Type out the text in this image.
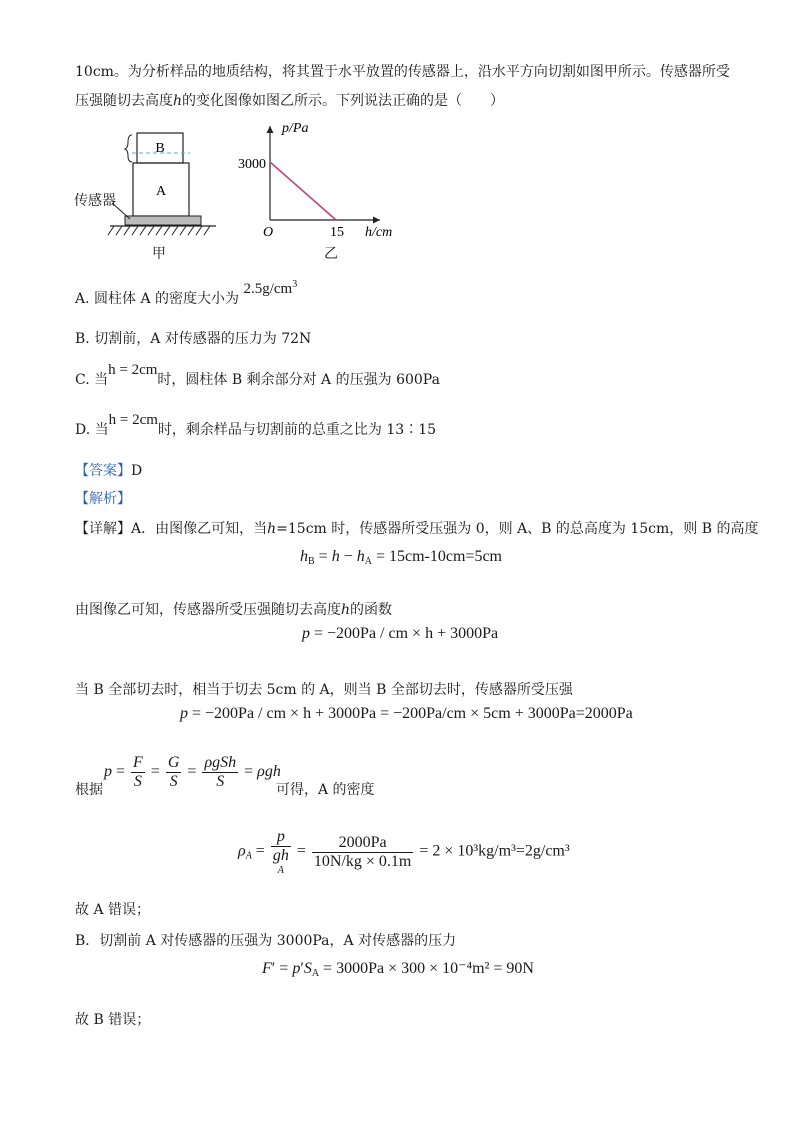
10cm。为分析样品的地质结构，将其置于水平放置的传感器上，沿水平方向切割如图甲所示。传感器所受
压强随切去高度h的变化图像如图乙所示。下列说法正确的是（　　）
B
A
传感器
甲
p/Pa
3000
O	15 h/cm
乙
A. 圆柱体 A 的密度大小为 $2.5g/cm^3$
B. 切割前，A 对传感器的压力为 72N
C. 当h = 2cm时，圆柱体 B 剩余部分对 A 的压强为 600Pa
D. 当h = 2cm时，剩余样品与切割前的总重之比为 13∶15
【答案】D
【解析】
【详解】A．由图像乙可知，当h=15cm 时，传感器所受压强为 0，则 A、B 的总高度为 15cm，则 B 的高度
$h_B = h - h_A = 15cm-10cm=5cm$
由图像乙可知，传感器所受压强随切去高度h的函数
p = −200Pa / cm × h + 3000Pa
当 B 全部切去时，相当于切去 5cm 的 A，则当 B 全部切去时，传感器所受压强
p = −200Pa / cm × h + 3000Pa = −200Pa/cm × 5cm + 3000Pa=2000Pa
根据
$p = \frac{F}{S} = \frac{G}{S} = \frac{\text{ρgSh}}{S} = \rho gh$
可得，A 的密度
$\rho_A = p$
gh
$A = \frac{2000Pa}{10N/kg \times 0.1m} = 2 \times 10^3kg/m^3=2g/cm^3$
故 A 错误；
B．切割前 A 对传感器的压强为 3000Pa，A 对传感器的压力
$F' = p'S_A = 3000Pa \times 300 \times 10^{-4}m^2 = 90N$
故 B 错误；
